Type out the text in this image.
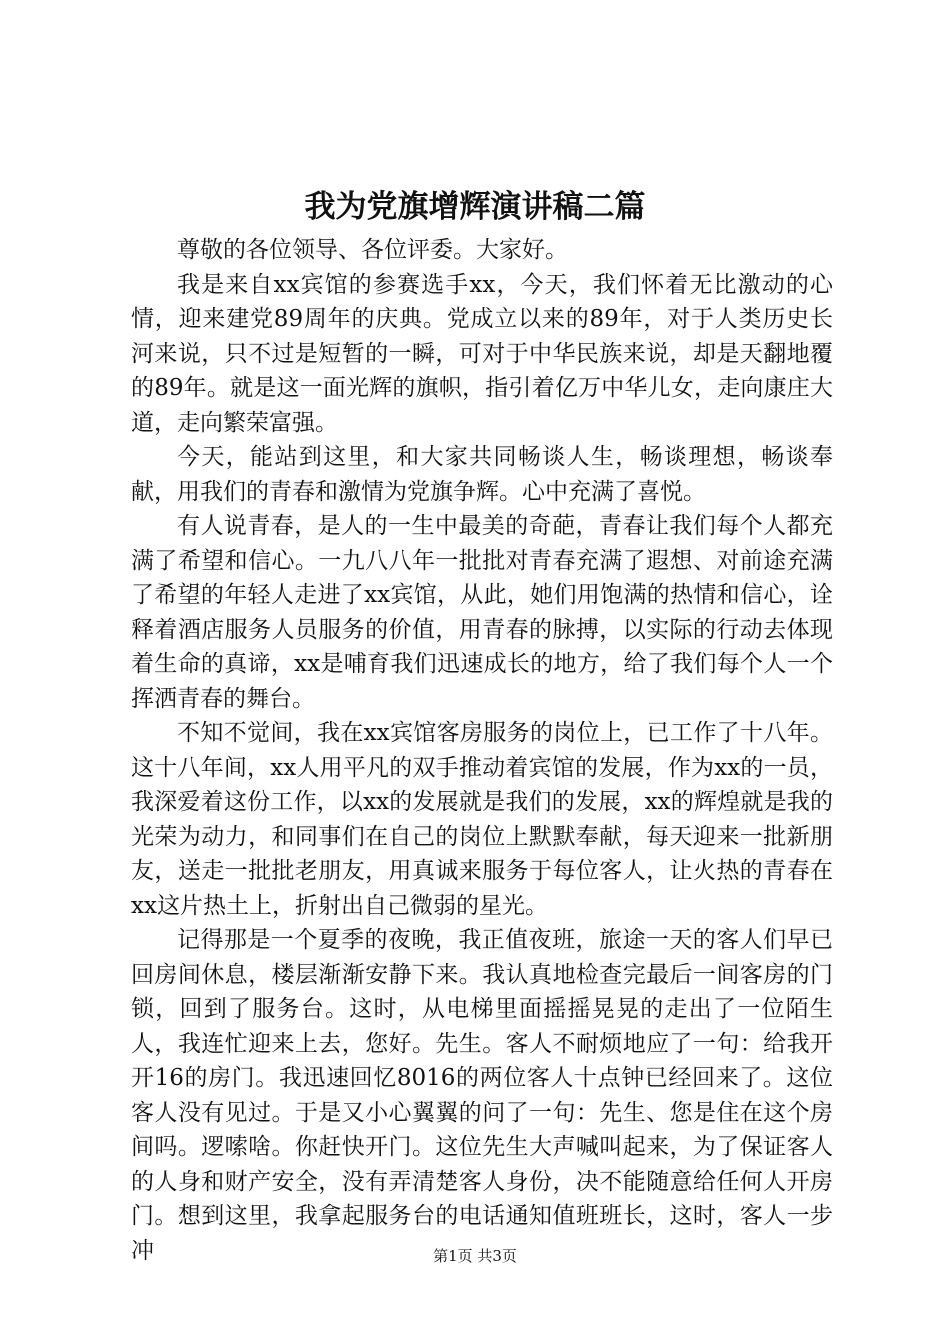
我为党旗增辉演讲稿二篇

尊敬的各位领导、各位评委。大家好。

我是来自xx宾馆的参赛选手xx，今天，我们怀着无比激动的心情，迎来建党89周年的庆典。党成立以来的89年，对于人类历史长河来说，只不过是短暂的一瞬，可对于中华民族来说，却是天翻地覆的89年。就是这一面光辉的旗帜，指引着亿万中华儿女，走向康庄大道，走向繁荣富强。

今天，能站到这里，和大家共同畅谈人生，畅谈理想，畅谈奉献，用我们的青春和激情为党旗争辉。心中充满了喜悦。

有人说青春，是人的一生中最美的奇葩，青春让我们每个人都充满了希望和信心。一九八八年一批批对青春充满了遐想、对前途充满了希望的年轻人走进了xx宾馆，从此，她们用饱满的热情和信心，诠释着酒店服务人员服务的价值，用青春的脉搏，以实际的行动去体现着生命的真谛，xx是哺育我们迅速成长的地方，给了我们每个人一个挥洒青春的舞台。

不知不觉间，我在xx宾馆客房服务的岗位上，已工作了十八年。这十八年间，xx人用平凡的双手推动着宾馆的发展，作为xx的一员，我深爱着这份工作，以xx的发展就是我们的发展，xx的辉煌就是我的光荣为动力，和同事们在自己的岗位上默默奉献，每天迎来一批新朋友，送走一批批老朋友，用真诚来服务于每位客人，让火热的青春在xx这片热土上，折射出自己微弱的星光。

记得那是一个夏季的夜晚，我正值夜班，旅途一天的客人们早已回房间休息，楼层渐渐安静下来。我认真地检查完最后一间客房的门锁，回到了服务台。这时，从电梯里面摇摇晃晃的走出了一位陌生人，我连忙迎来上去，您好。先生。客人不耐烦地应了一句：给我开开16的房门。我迅速回忆8016的两位客人十点钟已经回来了。这位客人没有见过。于是又小心翼翼的问了一句：先生、您是住在这个房间吗。逻嗦啥。你赶快开门。这位先生大声喊叫起来，为了保证客人的人身和财产安全，没有弄清楚客人身份，决不能随意给任何人开房门。想到这里，我拿起服务台的电话通知值班班长，这时，客人一步冲	第1页 共3页
